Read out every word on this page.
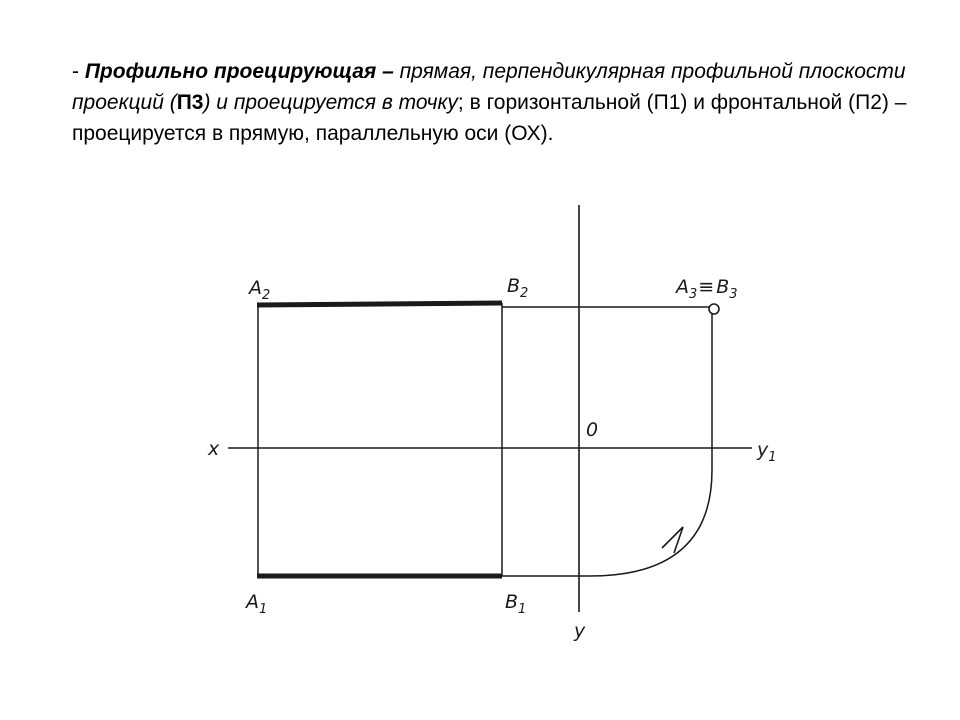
- Профильно проецирующая – прямая, перпендикулярная профильной плоскости проекций (П3) и проецируется в точку; в горизонтальной (П1) и фронтальной (П2) – проецируется в прямую, параллельную оси (ОХ).
$A_2$	$B_2$	$A_3\equiv B_3$
$A_1$	$B_1$
0
x
y
$y_1$
